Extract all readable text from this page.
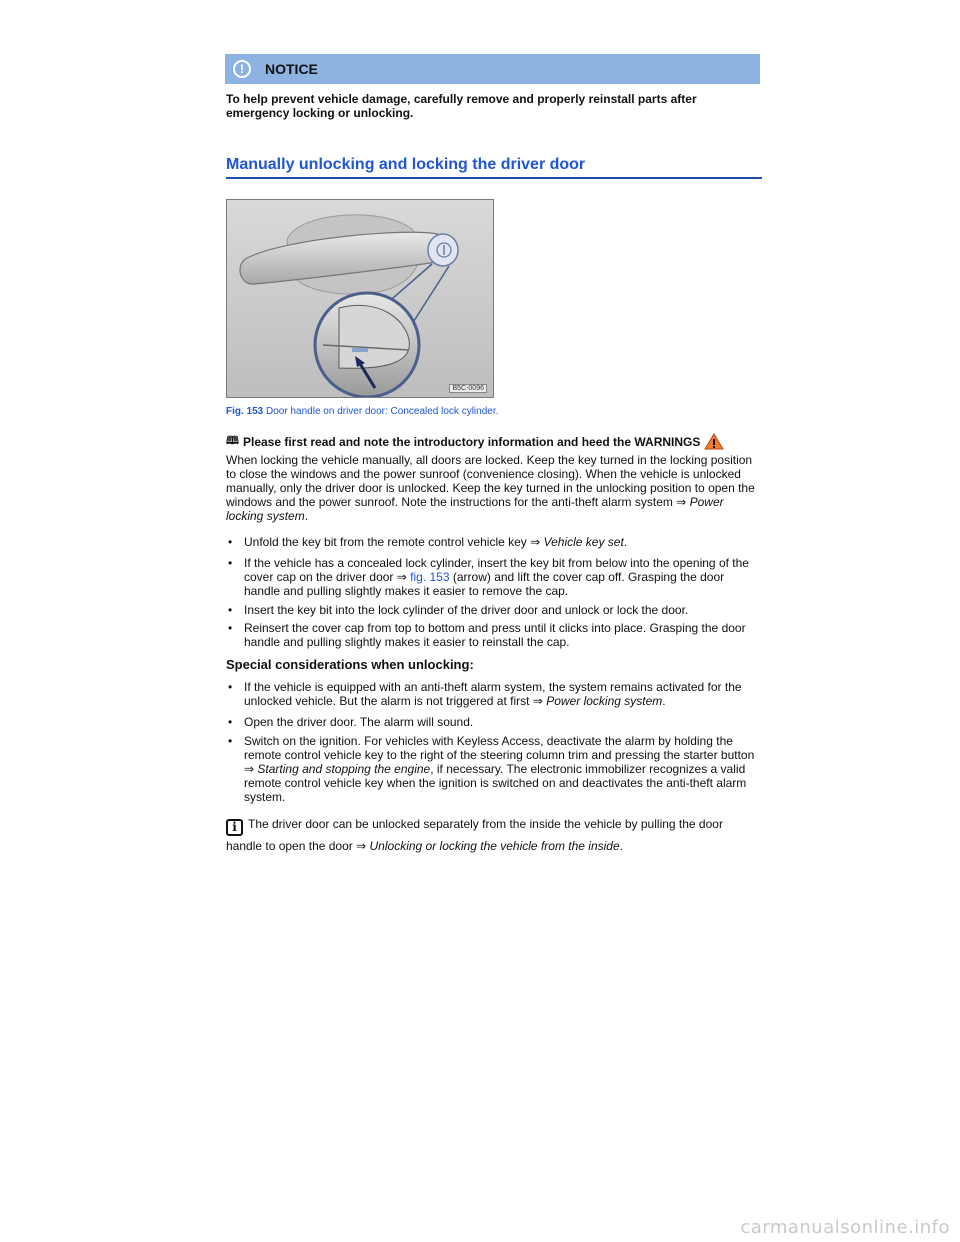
!	NOTICE
To help prevent vehicle damage, carefully remove and properly reinstall parts after emergency locking or unlocking.
Manually unlocking and locking the driver door
B5C-0096
Fig. 153 Door handle on driver door: Concealed lock cylinder.
🕮 Please first read and note the introductory information and heed the WARNINGS
When locking the vehicle manually, all doors are locked. Keep the key turned in the locking position to close the windows and the power sunroof (convenience closing). When the vehicle is unlocked manually, only the driver door is unlocked. Keep the key turned in the unlocking position to open the windows and the power sunroof. Note the instructions for the anti-theft alarm system ⇒ Power locking system.
• Unfold the key bit from the remote control vehicle key ⇒ Vehicle key set.
• If the vehicle has a concealed lock cylinder, insert the key bit from below into the opening of the cover cap on the driver door ⇒ fig. 153 (arrow) and lift the cover cap off. Grasping the door handle and pulling slightly makes it easier to remove the cap.
• Insert the key bit into the lock cylinder of the driver door and unlock or lock the door.
• Reinsert the cover cap from top to bottom and press until it clicks into place. Grasping the door handle and pulling slightly makes it easier to reinstall the cap.
Special considerations when unlocking:
• If the vehicle is equipped with an anti-theft alarm system, the system remains activated for the unlocked vehicle. But the alarm is not triggered at first ⇒ Power locking system.
• Open the driver door. The alarm will sound.
• Switch on the ignition. For vehicles with Keyless Access, deactivate the alarm by holding the remote control vehicle key to the right of the steering column trim and pressing the starter button ⇒ Starting and stopping the engine, if necessary. The electronic immobilizer recognizes a valid remote control vehicle key when the ignition is switched on and deactivates the anti-theft alarm system.
i The driver door can be unlocked separately from the inside the vehicle by pulling the door handle to open the door ⇒ Unlocking or locking the vehicle from the inside.
carmanualsonline.info
